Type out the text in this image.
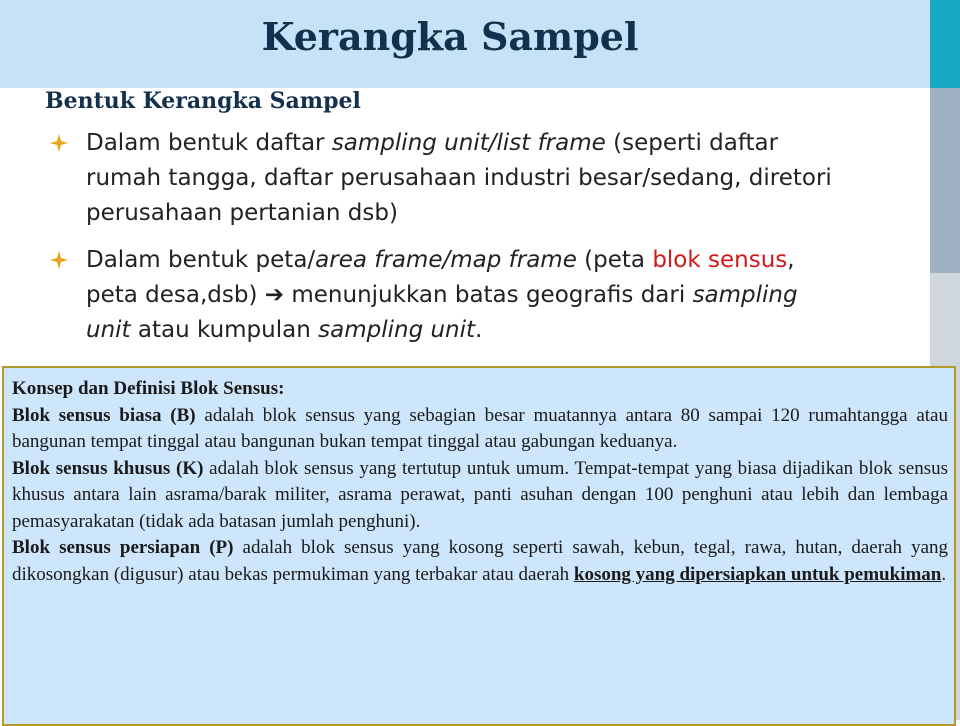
Kerangka Sampel
Bentuk Kerangka Sampel
Dalam bentuk daftar sampling unit/list frame (seperti daftar rumah tangga, daftar perusahaan industri besar/sedang, diretori perusahaan pertanian dsb)
Dalam bentuk peta/area frame/map frame (peta blok sensus, peta desa,dsb) ➔ menunjukkan batas geografis dari sampling unit atau kumpulan sampling unit.

Konsep dan Definisi Blok Sensus:

Blok sensus biasa (B) adalah blok sensus yang sebagian besar muatannya antara 80 sampai 120 rumahtangga atau bangunan tempat tinggal atau bangunan bukan tempat tinggal atau gabungan keduanya.

Blok sensus khusus (K) adalah blok sensus yang tertutup untuk umum. Tempat-tempat yang biasa dijadikan blok sensus khusus antara lain asrama/barak militer, asrama perawat, panti asuhan dengan 100 penghuni atau lebih dan lembaga pemasyarakatan (tidak ada batasan jumlah penghuni).

Blok sensus persiapan (P) adalah blok sensus yang kosong seperti sawah, kebun, tegal, rawa, hutan, daerah yang dikosongkan (digusur) atau bekas permukiman yang terbakar atau daerah kosong yang dipersiapkan untuk pemukiman.
